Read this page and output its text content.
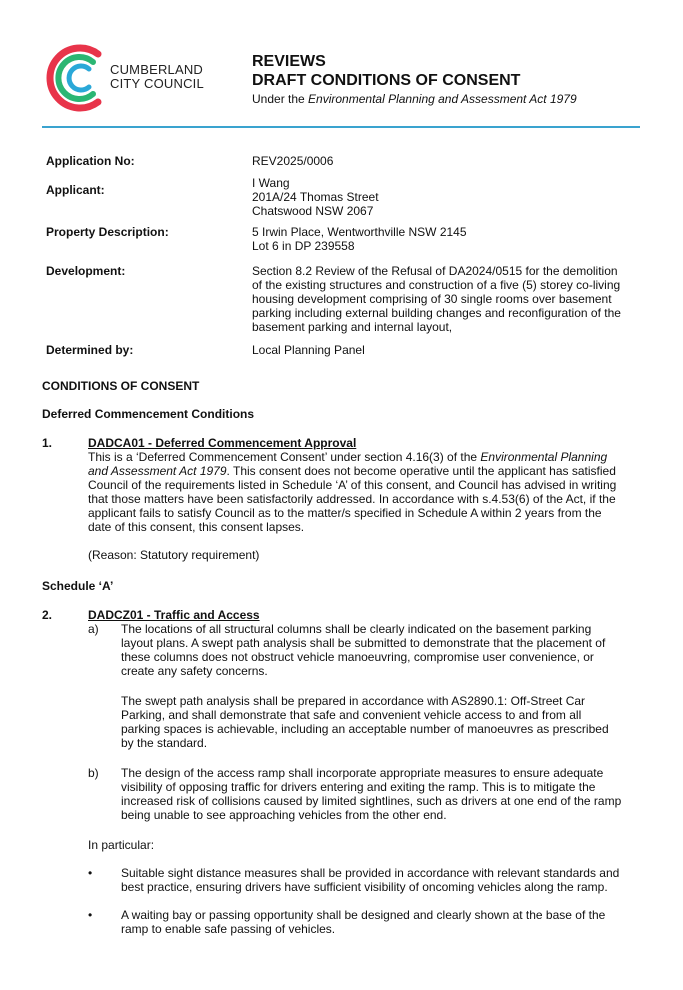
CUMBERLAND
CITY COUNCIL
REVIEWS
DRAFT CONDITIONS OF CONSENT
Under the Environmental Planning and Assessment Act 1979
Application No:	REV2025/0006
Applicant:	I Wang
201A/24 Thomas Street
Chatswood NSW 2067
Property Description:	5 Irwin Place, Wentworthville NSW 2145
Lot 6 in DP 239558
Development:	Section 8.2 Review of the Refusal of DA2024/0515 for the demolition
of the existing structures and construction of a five (5) storey co-living
housing development comprising of 30 single rooms over basement
parking including external building changes and reconfiguration of the
basement parking and internal layout,
Determined by:	Local Planning Panel
CONDITIONS OF CONSENT
Deferred Commencement Conditions
1.	DADCA01 - Deferred Commencement Approval
This is a ‘Deferred Commencement Consent’ under section 4.16(3) of the Environmental Planning
and Assessment Act 1979. This consent does not become operative until the applicant has satisfied
Council of the requirements listed in Schedule ‘A’ of this consent, and Council has advised in writing
that those matters have been satisfactorily addressed. In accordance with s.4.53(6) of the Act, if the
applicant fails to satisfy Council as to the matter/s specified in Schedule A within 2 years from the
date of this consent, this consent lapses.
(Reason: Statutory requirement)
Schedule ‘A’
2.	DADCZ01 - Traffic and Access
a) The locations of all structural columns shall be clearly indicated on the basement parking
layout plans. A swept path analysis shall be submitted to demonstrate that the placement of
these columns does not obstruct vehicle manoeuvring, compromise user convenience, or
create any safety concerns.
The swept path analysis shall be prepared in accordance with AS2890.1: Off-Street Car
Parking, and shall demonstrate that safe and convenient vehicle access to and from all
parking spaces is achievable, including an acceptable number of manoeuvres as prescribed
by the standard.
b) The design of the access ramp shall incorporate appropriate measures to ensure adequate
visibility of opposing traffic for drivers entering and exiting the ramp. This is to mitigate the
increased risk of collisions caused by limited sightlines, such as drivers at one end of the ramp
being unable to see approaching vehicles from the other end.
In particular:
• Suitable sight distance measures shall be provided in accordance with relevant standards and
best practice, ensuring drivers have sufficient visibility of oncoming vehicles along the ramp.
• A waiting bay or passing opportunity shall be designed and clearly shown at the base of the
ramp to enable safe passing of vehicles.
